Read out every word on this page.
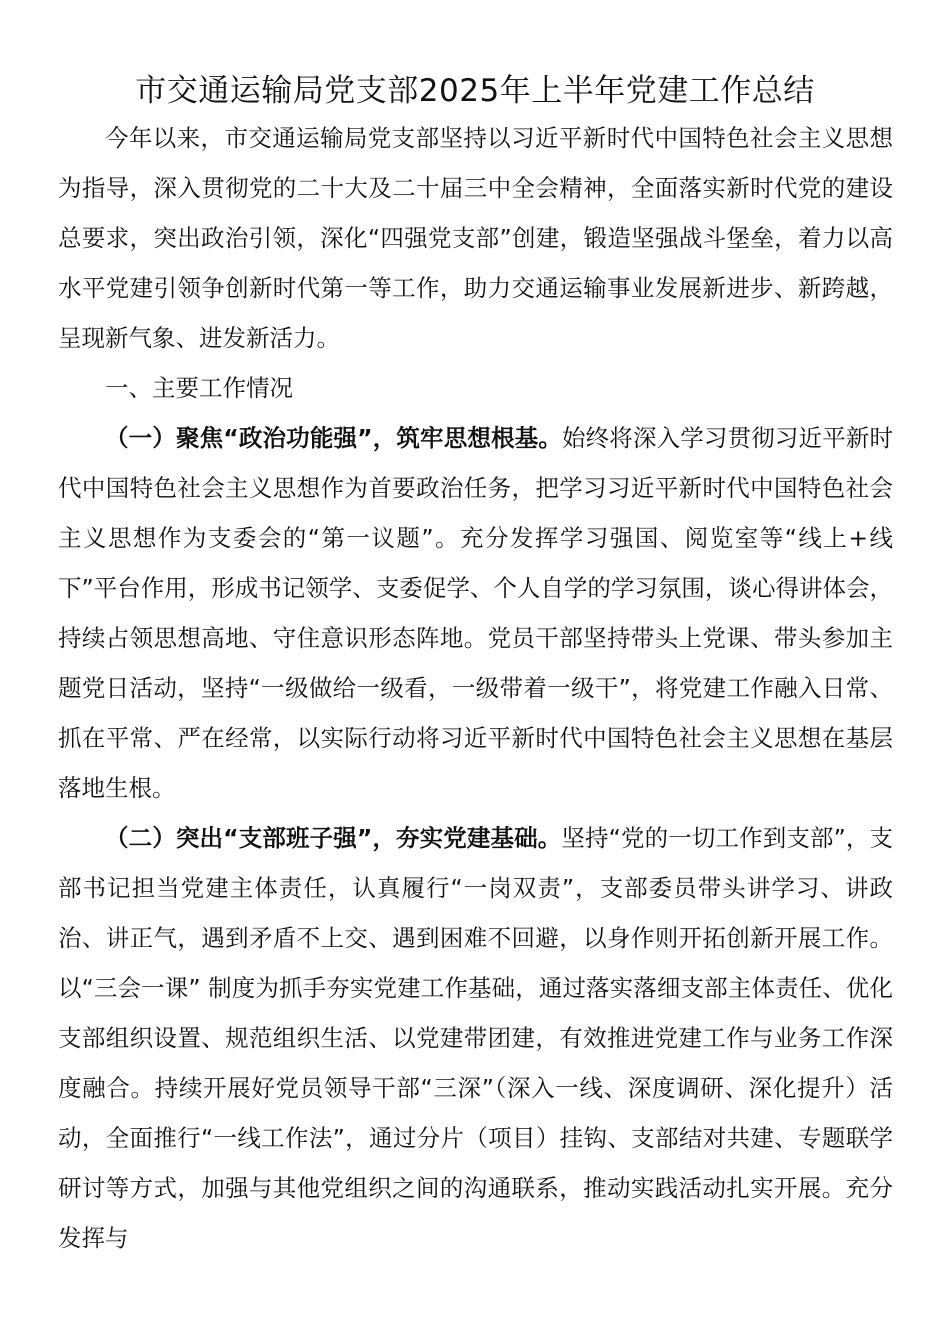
市交通运输局党支部2025年上半年党建工作总结

今年以来，市交通运输局党支部坚持以习近平新时代中国特色社会主义思想为指导，深入贯彻党的二十大及二十届三中全会精神，全面落实新时代党的建设总要求，突出政治引领，深化“四强党支部”创建，锻造坚强战斗堡垒，着力以高水平党建引领争创新时代第一等工作，助力交通运输事业发展新进步、新跨越，呈现新气象、进发新活力。

一、主要工作情况

（一）聚焦“政治功能强”，筑牢思想根基。始终将深入学习贯彻习近平新时代中国特色社会主义思想作为首要政治任务，把学习习近平新时代中国特色社会主义思想作为支委会的“第一议题”。充分发挥学习强国、阅览室等“线上+线下”平台作用，形成书记领学、支委促学、个人自学的学习氛围，谈心得讲体会，持续占领思想高地、守住意识形态阵地。党员干部坚持带头上党课、带头参加主题党日活动，坚持“一级做给一级看，一级带着一级干”，将党建工作融入日常、抓在平常、严在经常，以实际行动将习近平新时代中国特色社会主义思想在基层落地生根。

（二）突出“支部班子强”，夯实党建基础。坚持“党的一切工作到支部”，支部书记担当党建主体责任，认真履行“一岗双责”，支部委员带头讲学习、讲政治、讲正气，遇到矛盾不上交、遇到困难不回避，以身作则开拓创新开展工作。以“三会一课” 制度为抓手夯实党建工作基础，通过落实落细支部主体责任、优化支部组织设置、规范组织生活、以党建带团建，有效推进党建工作与业务工作深度融合。持续开展好党员领导干部“三深”（深入一线、深度调研、深化提升）活动，全面推行“一线工作法”，通过分片（项目）挂钩、支部结对共建、专题联学研讨等方式，加强与其他党组织之间的沟通联系，推动实践活动扎实开展。充分发挥与
